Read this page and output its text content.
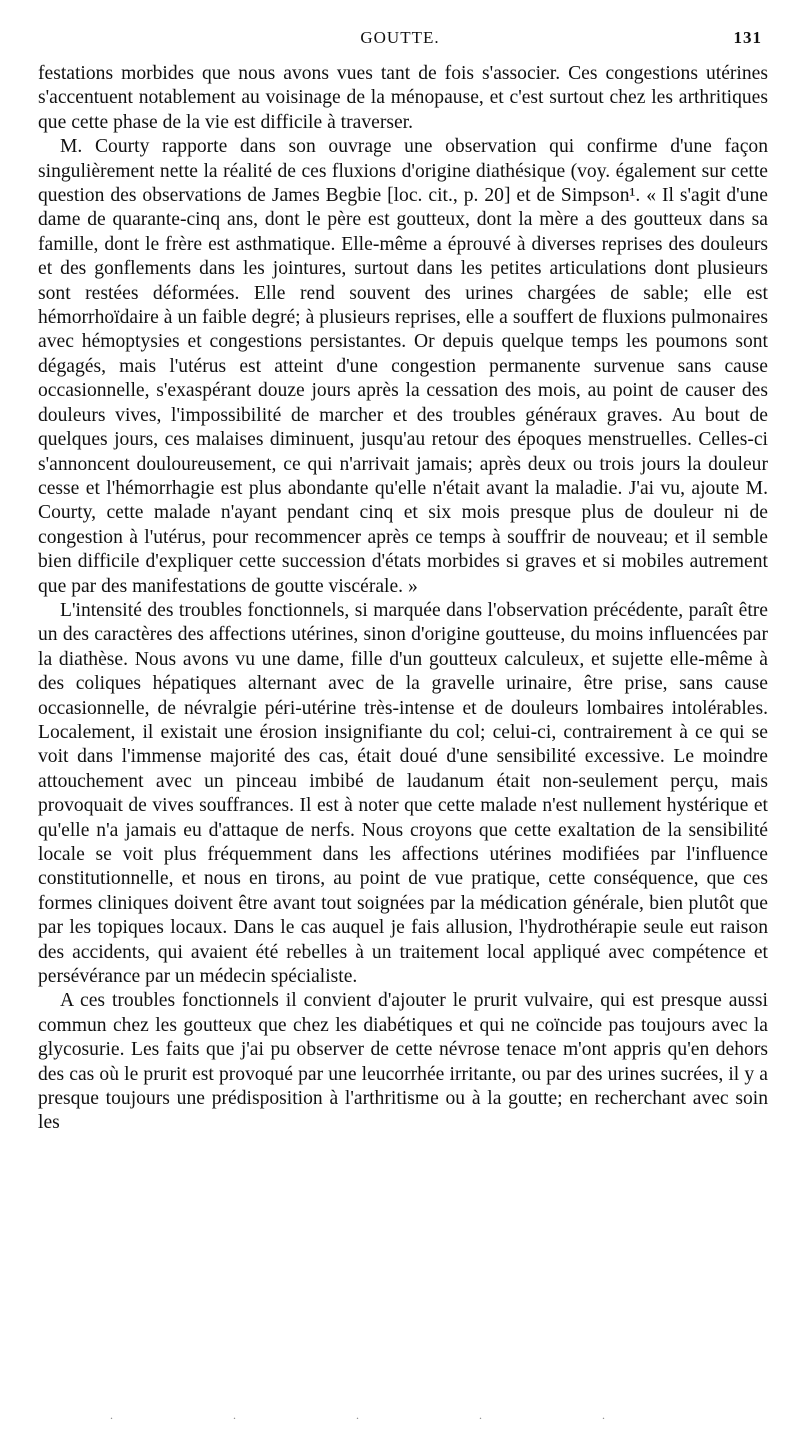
GOUTTE.	131

festations morbides que nous avons vues tant de fois s'associer. Ces congestions utérines s'accentuent notablement au voisinage de la ménopause, et c'est surtout chez les arthritiques que cette phase de la vie est difficile à traverser.

M. Courty rapporte dans son ouvrage une observation qui confirme d'une façon singulièrement nette la réalité de ces fluxions d'origine diathésique (voy. également sur cette question des observations de James Begbie [loc. cit., p. 20] et de Simpson¹. « Il s'agit d'une dame de quarante-cinq ans, dont le père est goutteux, dont la mère a des goutteux dans sa famille, dont le frère est asthmatique. Elle-même a éprouvé à diverses reprises des douleurs et des gonflements dans les jointures, surtout dans les petites articulations dont plusieurs sont restées déformées. Elle rend souvent des urines chargées de sable; elle est hémorrhoïdaire à un faible degré; à plusieurs reprises, elle a souffert de fluxions pulmonaires avec hémoptysies et congestions persistantes. Or depuis quelque temps les poumons sont dégagés, mais l'utérus est atteint d'une congestion permanente survenue sans cause occasionnelle, s'exaspérant douze jours après la cessation des mois, au point de causer des douleurs vives, l'impossibilité de marcher et des troubles généraux graves. Au bout de quelques jours, ces malaises diminuent, jusqu'au retour des époques menstruelles. Celles-ci s'annoncent douloureusement, ce qui n'arrivait jamais; après deux ou trois jours la douleur cesse et l'hémorrhagie est plus abondante qu'elle n'était avant la maladie. J'ai vu, ajoute M. Courty, cette malade n'ayant pendant cinq et six mois presque plus de douleur ni de congestion à l'utérus, pour recommencer après ce temps à souffrir de nouveau; et il semble bien difficile d'expliquer cette succession d'états morbides si graves et si mobiles autrement que par des manifestations de goutte viscérale. »

L'intensité des troubles fonctionnels, si marquée dans l'observation précédente, paraît être un des caractères des affections utérines, sinon d'origine goutteuse, du moins influencées par la diathèse. Nous avons vu une dame, fille d'un goutteux calculeux, et sujette elle-même à des coliques hépatiques alternant avec de la gravelle urinaire, être prise, sans cause occasionnelle, de névralgie péri-utérine très-intense et de douleurs lombaires intolérables. Localement, il existait une érosion insignifiante du col; celui-ci, contrairement à ce qui se voit dans l'immense majorité des cas, était doué d'une sensibilité excessive. Le moindre attouchement avec un pinceau imbibé de laudanum était non-seulement perçu, mais provoquait de vives souffrances. Il est à noter que cette malade n'est nullement hystérique et qu'elle n'a jamais eu d'attaque de nerfs. Nous croyons que cette exaltation de la sensibilité locale se voit plus fréquemment dans les affections utérines modifiées par l'influence constitutionnelle, et nous en tirons, au point de vue pratique, cette conséquence, que ces formes cliniques doivent être avant tout soignées par la médication générale, bien plutôt que par les topiques locaux. Dans le cas auquel je fais allusion, l'hydrothérapie seule eut raison des accidents, qui avaient été rebelles à un traitement local appliqué avec compétence et persévérance par un médecin spécialiste.

A ces troubles fonctionnels il convient d'ajouter le prurit vulvaire, qui est presque aussi commun chez les goutteux que chez les diabétiques et qui ne coïncide pas toujours avec la glycosurie. Les faits que j'ai pu observer de cette névrose tenace m'ont appris qu'en dehors des cas où le prurit est provoqué par une leucorrhée irritante, ou par des urines sucrées, il y a presque toujours une prédisposition à l'arthritisme ou à la goutte; en recherchant avec soin les

.....
